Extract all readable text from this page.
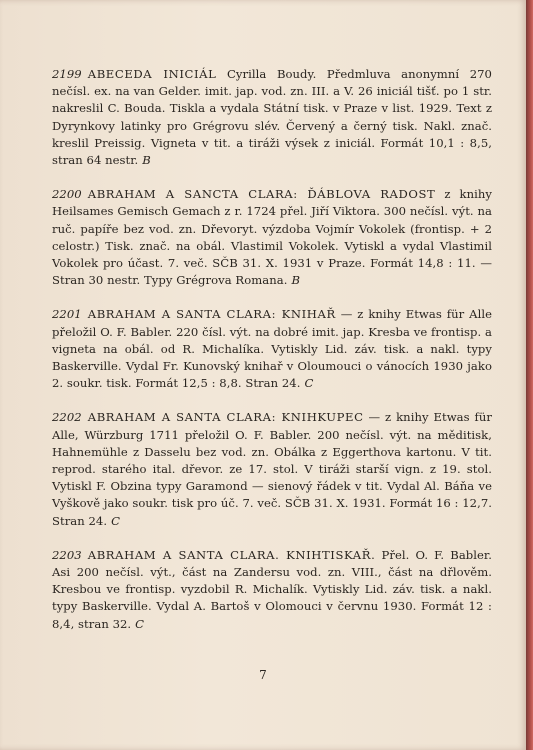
2199 ABECEDA INICIÁL Cyrilla Boudy. Předmluva anonymní 270 nečísl. ex. na van Gelder. imit. jap. vod. zn. III. a V. 26 iniciál tišť. po 1 str. nakreslil C. Bouda. Tiskla a vydala Státní tisk. v Praze v list. 1929. Text z Dyrynkovy latinky pro Grégrovu slév. Červený a černý tisk. Nakl. znač. kreslil Preissig. Vigneta v tit. a tiráži výsek z iniciál. Formát 10,1 : 8,5, stran 64 nestr. B

2200 ABRAHAM A SANCTA CLARA: ĎÁBLOVA RADOST z knihy Heilsames Gemisch Gemach z r. 1724 přel. Jiří Viktora. 300 nečísl. výt. na ruč. papíře bez vod. zn. Dřevoryt. výzdoba Vojmír Vokolek (frontisp. + 2 celostr.) Tisk. znač. na obál. Vlastimil Vokolek. Vytiskl a vydal Vlastimil Vokolek pro účast. 7. več. SČB 31. X. 1931 v Praze. Formát 14,8 : 11. — Stran 30 nestr. Typy Grégrova Romana. B

2201 ABRAHAM A SANTA CLARA: KNIHAŘ — z knihy Etwas für Alle přeložil O. F. Babler. 220 čísl. výt. na dobré imit. jap. Kresba ve frontisp. a vigneta na obál. od R. Michalíka. Vytiskly Lid. záv. tisk. a nakl. typy Baskerville. Vydal Fr. Kunovský knihař v Oloumouci o vánocích 1930 jako 2. soukr. tisk. Formát 12,5 : 8,8. Stran 24. C

2202 ABRAHAM A SANTA CLARA: KNIHKUPEC — z knihy Etwas für Alle, Würzburg 1711 přeložil O. F. Babler. 200 nečísl. výt. na měditisk, Hahnemühle z Dasselu bez vod. zn. Obálka z Eggerthova kartonu. V tit. reprod. starého ital. dřevor. ze 17. stol. V tiráži starší vign. z 19. stol. Vytiskl F. Obzina typy Garamond — sienový řádek v tit. Vydal Al. Báňa ve Vyškově jako soukr. tisk pro úč. 7. več. SČB 31. X. 1931. Formát 16 : 12,7. Stran 24. C

2203 ABRAHAM A SANTA CLARA. KNIHTISKAŘ. Přel. O. F. Babler. Asi 200 nečísl. výt., část na Zandersu vod. zn. VIII., část na dřlověm. Kresbou ve frontisp. vyzdobil R. Michalík. Vytiskly Lid. záv. tisk. a nakl. typy Baskerville. Vydal A. Bartoš v Olomouci v červnu 1930. Formát 12 : 8,4, stran 32. C

7
